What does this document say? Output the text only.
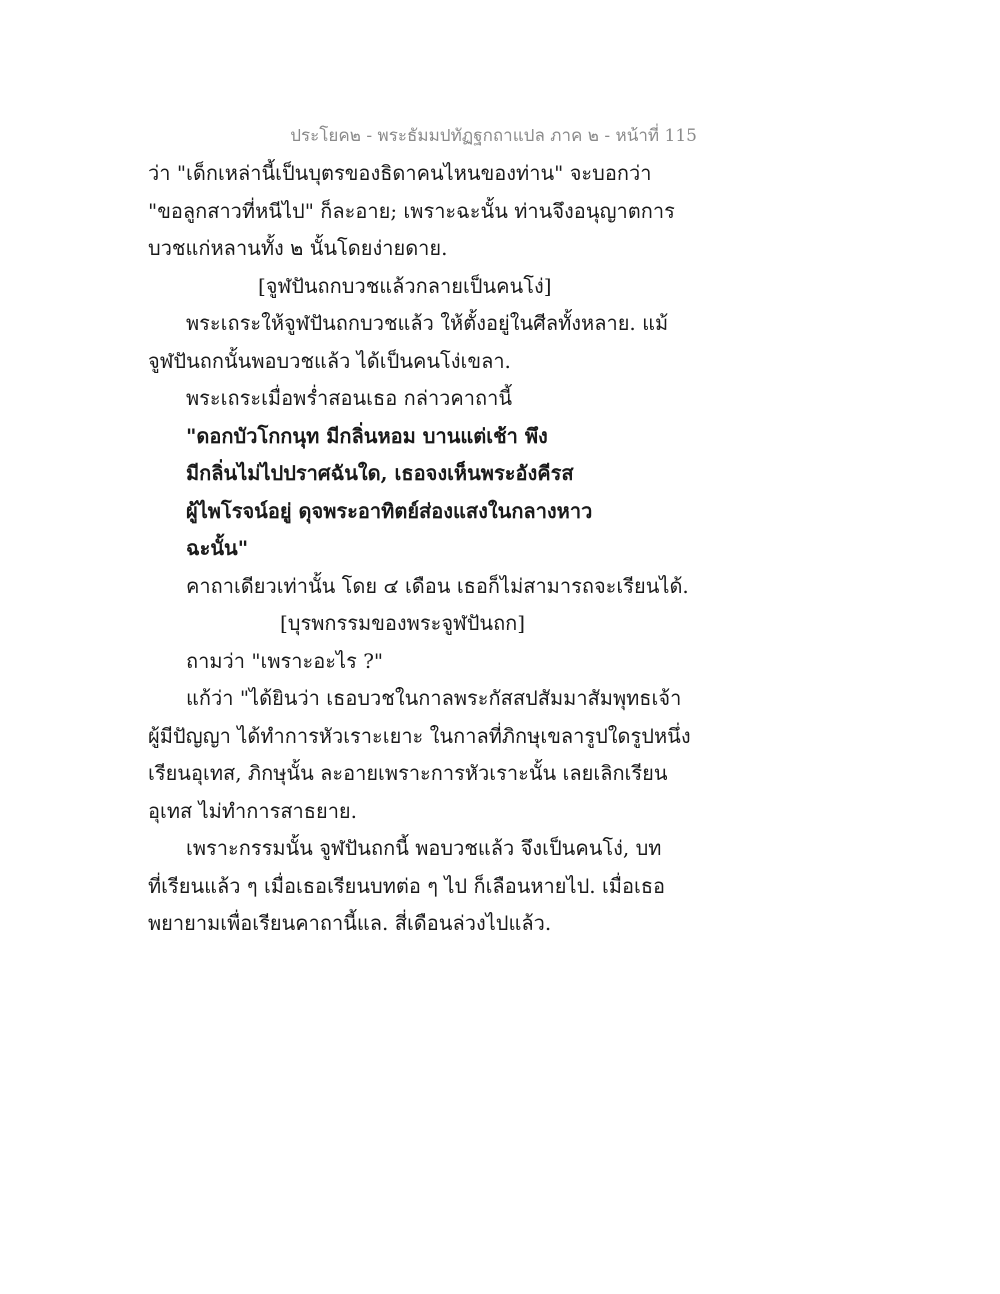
ประโยค๒ - พระธัมมปทัฏฐกถาแปล ภาค ๒ - หน้าที่ 115
ว่า "เด็กเหล่านี้เป็นบุตรของธิดาคนไหนของท่าน" จะบอกว่า
"ขอลูกสาวที่หนีไป" ก็ละอาย; เพราะฉะนั้น ท่านจึงอนุญาตการ
บวชแก่หลานทั้ง ๒ นั้นโดยง่ายดาย.
[จูฬปันถกบวชแล้วกลายเป็นคนโง่]
พระเถระให้จูฬปันถกบวชแล้ว ให้ตั้งอยู่ในศีลทั้งหลาย. แม้
จูฬปันถกนั้นพอบวชแล้ว ได้เป็นคนโง่เขลา.
พระเถระเมื่อพร่ำสอนเธอ กล่าวคาถานี้
"ดอกบัวโกกนุท มีกลิ่นหอม บานแต่เช้า พึง
มีกลิ่นไม่ไปปราศฉันใด, เธอจงเห็นพระอังคีรส
ผู้ไพโรจน์อยู่ ดุจพระอาทิตย์ส่องแสงในกลางหาว
ฉะนั้น"
คาถาเดียวเท่านั้น โดย ๔ เดือน เธอก็ไม่สามารถจะเรียนได้.
[บุรพกรรมของพระจูฬปันถก]
ถามว่า "เพราะอะไร ?"
แก้ว่า "ได้ยินว่า เธอบวชในกาลพระกัสสปสัมมาสัมพุทธเจ้า
ผู้มีปัญญา ได้ทำการหัวเราะเยาะ ในกาลที่ภิกษุเขลารูปใดรูปหนึ่ง
เรียนอุเทส, ภิกษุนั้น ละอายเพราะการหัวเราะนั้น เลยเลิกเรียน
อุเทส ไม่ทำการสาธยาย.
เพราะกรรมนั้น จูฬปันถกนี้ พอบวชแล้ว จึงเป็นคนโง่, บท
ที่เรียนแล้ว ๆ เมื่อเธอเรียนบทต่อ ๆ ไป ก็เลือนหายไป. เมื่อเธอ
พยายามเพื่อเรียนคาถานี้แล. สี่เดือนล่วงไปแล้ว.
